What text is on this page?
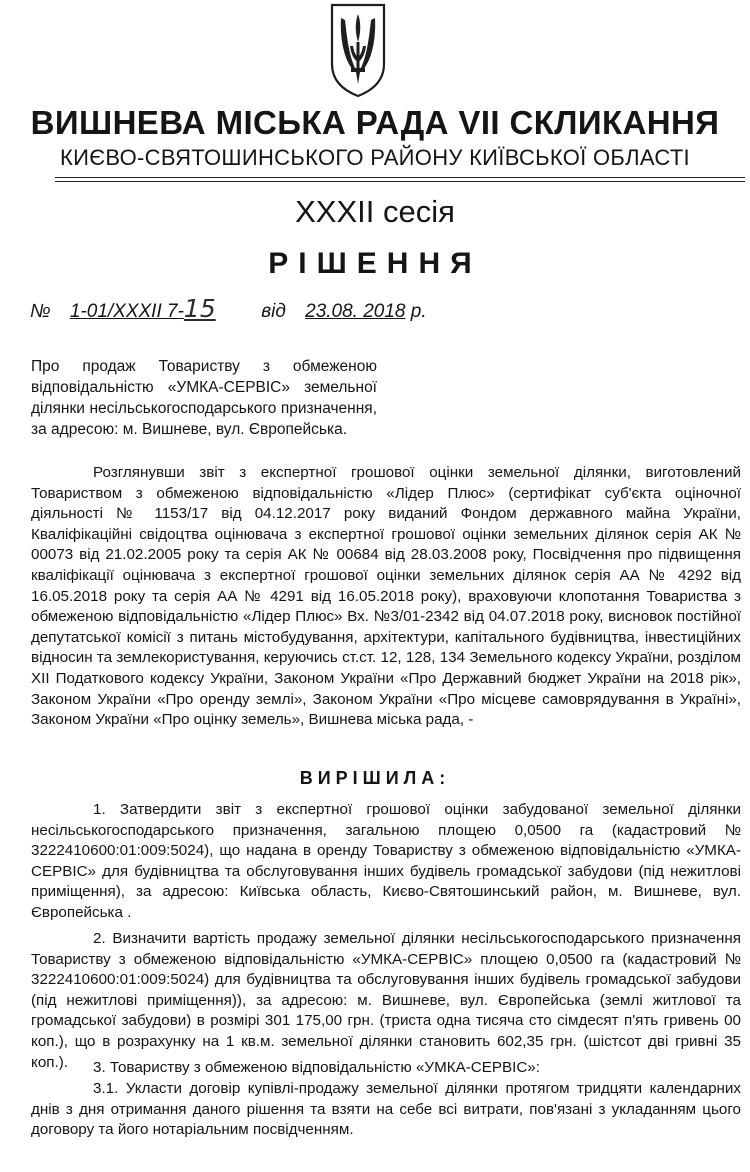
ВИШНЕВА МІСЬКА РАДА VII СКЛИКАННЯ
КИЄВО-СВЯТОШИНСЬКОГО РАЙОНУ КИЇВСЬКОЇ ОБЛАСТІ
XXXII сесія
РІШЕННЯ
№ 1-01/XXXII 7-15 від 23.08. 2018 р.
Про продаж Товариству з обмеженою відповідальністю «УМКА-СЕРВІС» земельної ділянки несільськогосподарського призначення, за адресою: м. Вишневе, вул. Європейська.

Розглянувши звіт з експертної грошової оцінки земельної ділянки, виготовлений Товариством з обмеженою відповідальністю «Лідер Плюс» (сертифікат суб'єкта оціночної діяльності № 1153/17 від 04.12.2017 року виданий Фондом державного майна України, Кваліфікаційні свідоцтва оцінювача з експертної грошової оцінки земельних ділянок серія АК № 00073 від 21.02.2005 року та серія АК № 00684 від 28.03.2008 року, Посвідчення про підвищення кваліфікації оцінювача з експертної грошової оцінки земельних ділянок серія АА № 4292 від 16.05.2018 року та серія АА № 4291 від 16.05.2018 року), враховуючи клопотання Товариства з обмеженою відповідальністю «Лідер Плюс» Вх. №3/01-2342 від 04.07.2018 року, висновок постійної депутатської комісії з питань містобудування, архітектури, капітального будівництва, інвестиційних відносин та землекористування, керуючись ст.ст. 12, 128, 134 Земельного кодексу України, розділом XII Податкового кодексу України, Законом України «Про Державний бюджет України на 2018 рік», Законом України «Про оренду землі», Законом України «Про місцеве самоврядування в Україні», Законом України «Про оцінку земель», Вишнева міська рада, -

ВИРІШИЛА:

1. Затвердити звіт з експертної грошової оцінки забудованої земельної ділянки несільськогосподарського призначення, загальною площею 0,0500 га (кадастровий № 3222410600:01:009:5024), що надана в оренду Товариству з обмеженою відповідальністю «УМКА-СЕРВІС» для будівництва та обслуговування інших будівель громадської забудови (під нежитлові приміщення), за адресою: Київська область, Києво-Святошинський район, м. Вишневе, вул. Європейська .

2. Визначити вартість продажу земельної ділянки несільськогосподарського призначення Товариству з обмеженою відповідальністю «УМКА-СЕРВІС» площею 0,0500 га (кадастровий № 3222410600:01:009:5024) для будівництва та обслуговування інших будівель громадської забудови (під нежитлові приміщення)), за адресою: м. Вишневе, вул. Європейська (землі житлової та громадської забудови) в розмірі 301 175,00 грн. (триста одна тисяча сто сімдесят п'ять гривень 00 коп.), що в розрахунку на 1 кв.м. земельної ділянки становить 602,35 грн. (шістсот дві гривні 35 коп.).	3. Товариству з обмеженою відповідальністю «УМКА-СЕРВІС»:

3.1. Укласти договір купівлі-продажу земельної ділянки протягом тридцяти календарних днів з дня отримання даного рішення та взяти на себе всі витрати, пов'язані з укладанням цього договору та його нотаріальним посвідченням.
